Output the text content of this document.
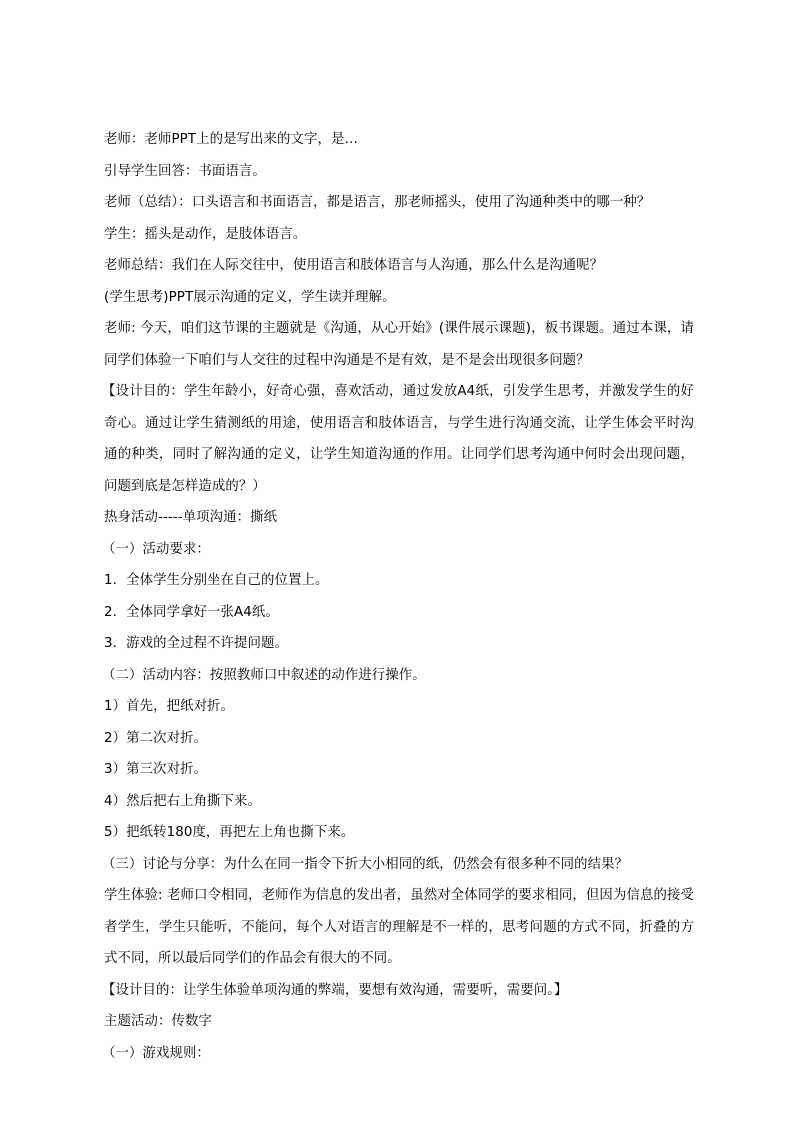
老师：老师PPT上的是写出来的文字，是…

引导学生回答：书面语言。

老师（总结）：口头语言和书面语言，都是语言，那老师摇头，使用了沟通种类中的哪一种？

学生：摇头是动作，是肢体语言。

老师总结：我们在人际交往中，使用语言和肢体语言与人沟通，那么什么是沟通呢？

(学生思考)PPT展示沟通的定义，学生读并理解。

老师: 今天，咱们这节课的主题就是《沟通，从心开始》(课件展示课题)，板书课题。通过本课，请同学们体验一下咱们与人交往的过程中沟通是不是有效，是不是会出现很多问题？

【设计目的：学生年龄小，好奇心强，喜欢活动，通过发放A4纸，引发学生思考，并激发学生的好奇心。通过让学生猜测纸的用途，使用语言和肢体语言，与学生进行沟通交流，让学生体会平时沟通的种类，同时了解沟通的定义，让学生知道沟通的作用。让同学们思考沟通中何时会出现问题，问题到底是怎样造成的？）

热身活动-----单项沟通：撕纸

（一）活动要求：

1．全体学生分别坐在自己的位置上。

2．全体同学拿好一张A4纸。

3．游戏的全过程不许提问题。

（二）活动内容：按照教师口中叙述的动作进行操作。

1）首先，把纸对折。

2）第二次对折。

3）第三次对折。

4）然后把右上角撕下来。

5）把纸转180度，再把左上角也撕下来。

（三）讨论与分享：为什么在同一指令下折大小相同的纸，仍然会有很多种不同的结果？

学生体验: 老师口令相同，老师作为信息的发出者，虽然对全体同学的要求相同，但因为信息的接受者学生，学生只能听，不能问，每个人对语言的理解是不一样的，思考问题的方式不同，折叠的方式不同，所以最后同学们的作品会有很大的不同。

【设计目的：让学生体验单项沟通的弊端，要想有效沟通，需要听，需要问。】

主题活动：传数字

（一）游戏规则：
